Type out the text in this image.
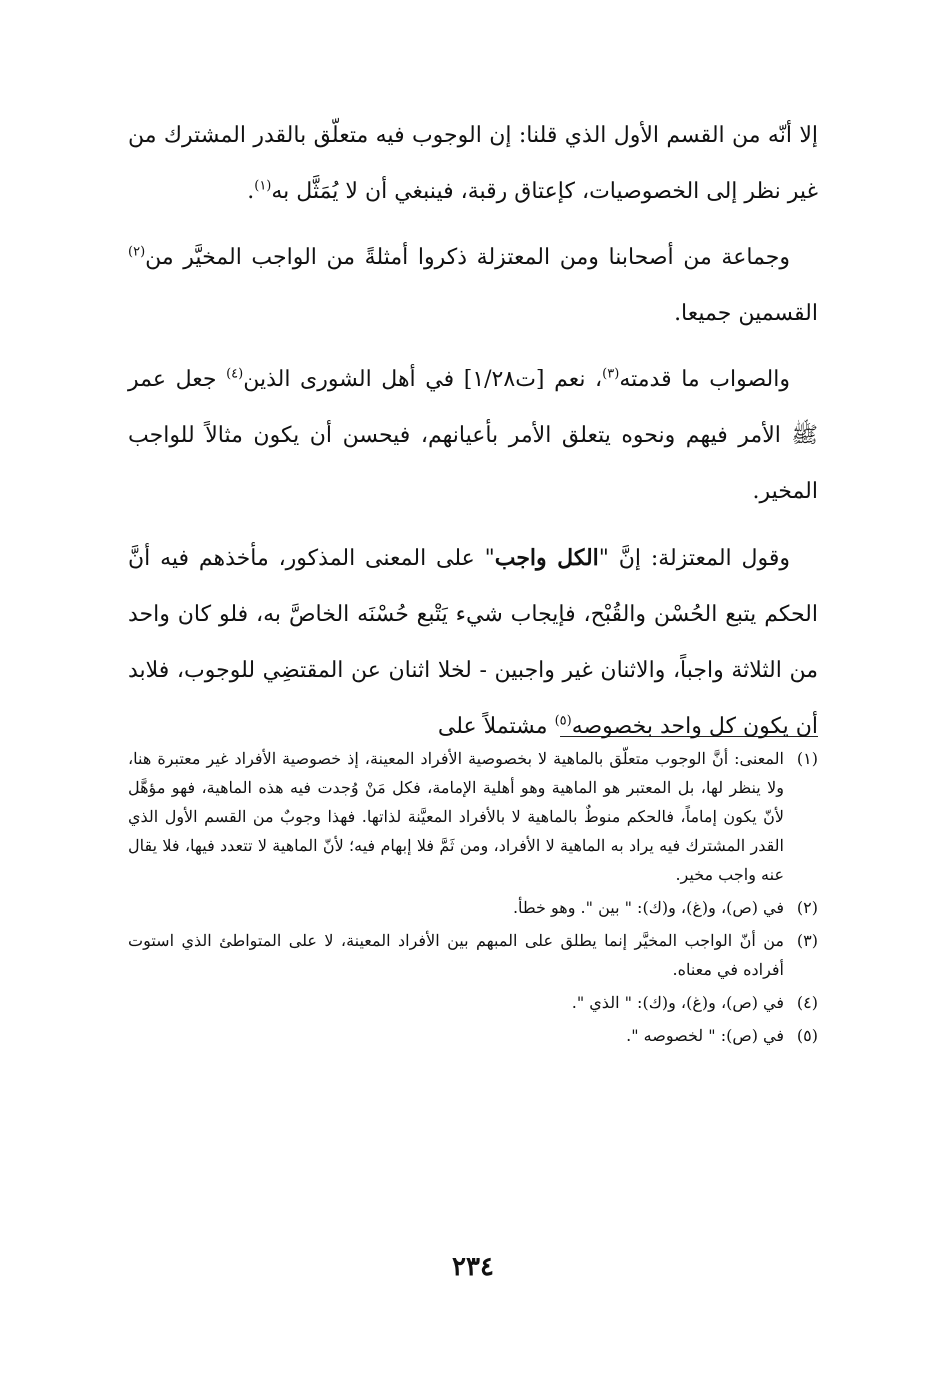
إلا أنّه من القسم الأول الذي قلنا: إن الوجوب فيه متعلّق بالقدر المشترك من غير نظر إلى الخصوصيات، كإعتاق رقبة، فينبغي أن لا يُمَثَّل به$^{(١)}$.

وجماعة من أصحابنا ومن المعتزلة ذكروا أمثلةً من الواجب المخيَّر من$^{(٢)}$ القسمين جميعا.

والصواب ما قدمته$^{(٣)}$، نعم [ت١/٢٨] في أهل الشورى الذين$^{(٤)}$ جعل عمر ﷺ الأمر فيهم ونحوه يتعلق الأمر بأعيانهم، فيحسن أن يكون مثالاً للواجب المخير.

وقول المعتزلة: إنَّ "الكل واجب" على المعنى المذكور، مأخذهم فيه أنَّ الحكم يتبع الحُسْن والقُبْح، فإيجاب شيء يَتْبع حُسْنَه الخاصَّ به، فلو كان واحد من الثلاثة واجباً، والاثنان غير واجبين - لخلا اثنان عن المقتضِي للوجوب، فلابد أن يكون كل واحد بخصوصه$^{(٥)}$ مشتملاً على

(١)المعنى: أنَّ الوجوب متعلّق بالماهية لا بخصوصية الأفراد المعينة، إذ خصوصية الأفراد غير معتبرة هنا، ولا ينظر لها، بل المعتبر هو الماهية وهو أهلية الإمامة، فكل مَنْ وُجدت فيه هذه الماهية، فهو مؤهَّل لأنّ يكون إماماً، فالحكم منوطٌ بالماهية لا بالأفراد المعيَّنة لذاتها. فهذا وجوبٌ من القسم الأول الذي القدر المشترك فيه يراد به الماهية لا الأفراد، ومن ثَمَّ فلا إبهام فيه؛ لأنّ الماهية لا تتعدد فيها، فلا يقال عنه واجب مخير.
(٢)في (ص)، و(غ)، و(ك): " بين ". وهو خطأ.
(٣)من أنّ الواجب المخيَّر إنما يطلق على المبهم بين الأفراد المعينة، لا على المتواطئ الذي استوت أفراده في معناه.
(٤)في (ص)، و(غ)، و(ك): " الذي ".
(٥)في (ص): " لخصوصه ".
٢٣٤
